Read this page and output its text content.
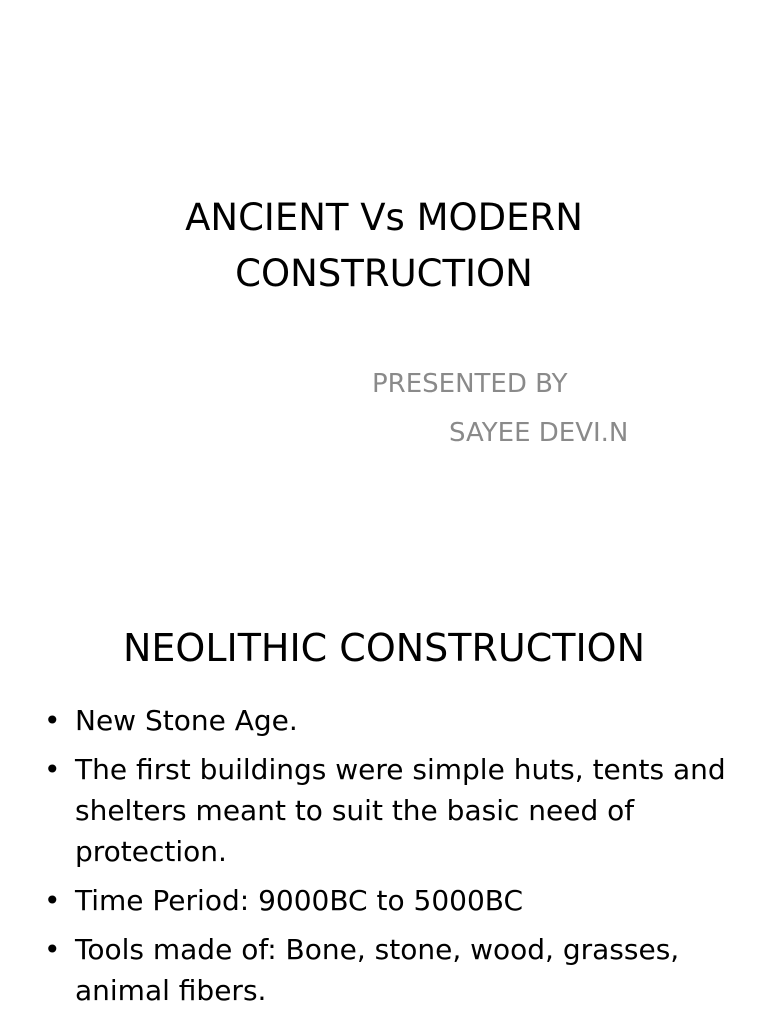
ANCIENT Vs MODERN
CONSTRUCTION
PRESENTED BY
SAYEE DEVI.N
NEOLITHIC CONSTRUCTION
• New Stone Age.
• The first buildings were simple huts, tents and shelters meant to suit the basic need of protection.
• Time Period: 9000BC to 5000BC
• Tools made of: Bone, stone, wood, grasses, animal fibers.
